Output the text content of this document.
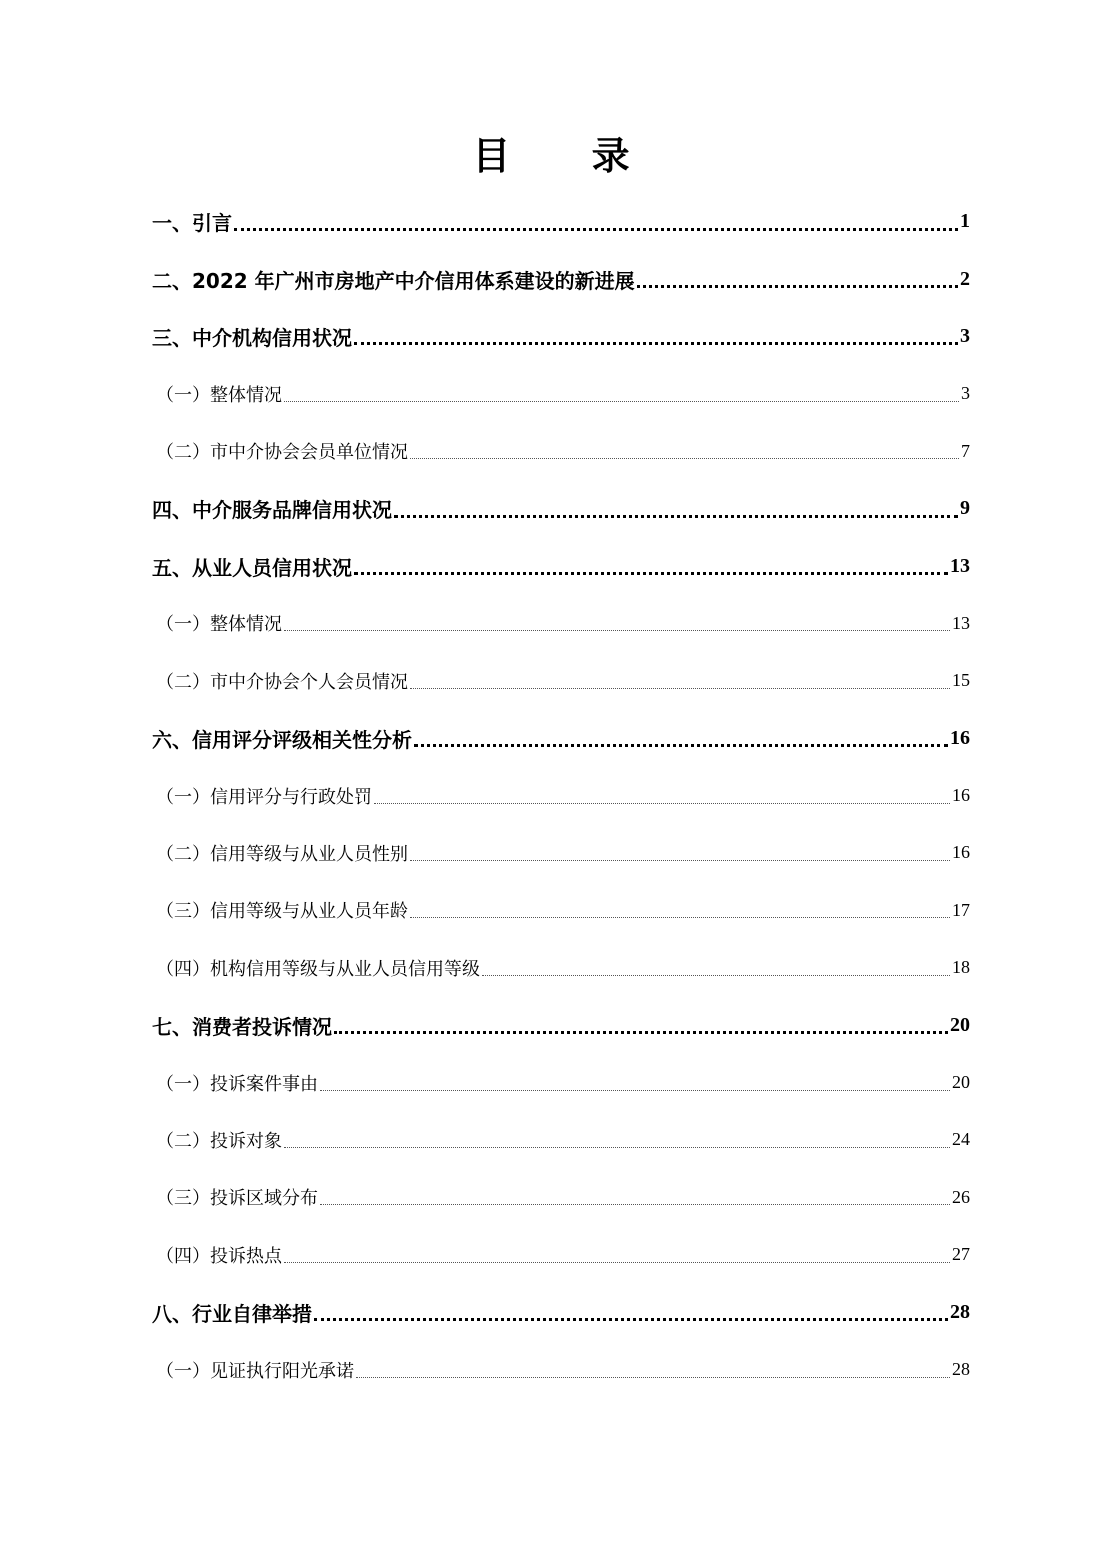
目 录
一、引言	1
二、2022 年广州市房地产中介信用体系建设的新进展	2
三、中介机构信用状况	3
（一）整体情况	3
（二）市中介协会会员单位情况	7
四、中介服务品牌信用状况	9
五、从业人员信用状况	13
（一）整体情况	13
（二）市中介协会个人会员情况	15
六、信用评分评级相关性分析	16
（一）信用评分与行政处罚	16
（二）信用等级与从业人员性别	16
（三）信用等级与从业人员年龄	17
（四）机构信用等级与从业人员信用等级	18
七、消费者投诉情况	20
（一）投诉案件事由	20
（二）投诉对象	24
（三）投诉区域分布	26
（四）投诉热点	27
八、行业自律举措	28
（一）见证执行阳光承诺	28
